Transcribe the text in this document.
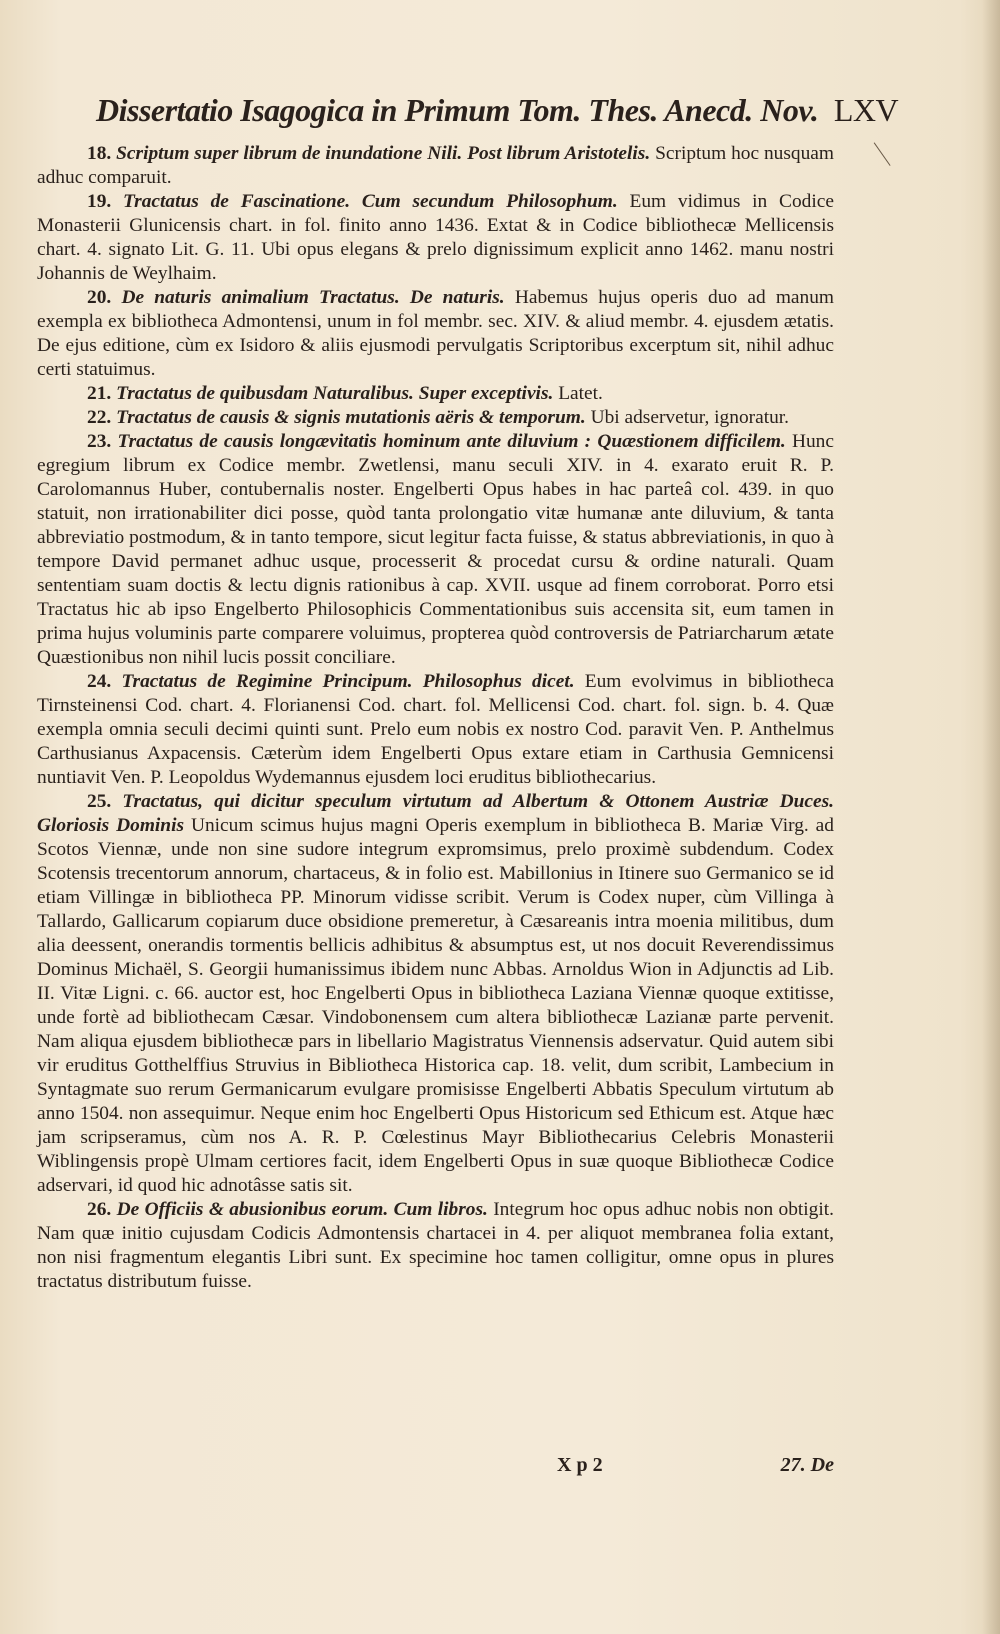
Dissertatio Isagogica in Primum Tom. Thes. Anecd. Nov. LXV

18. Scriptum super librum de inundatione Nili. Post librum Aristotelis. Scriptum hoc nusquam adhuc comparuit.

19. Tractatus de Fascinatione. Cum secundum Philosophum. Eum vidimus in Codice Monasterii Glunicensis chart. in fol. finito anno 1436. Extat & in Codice bibliothecæ Mellicensis chart. 4. signato Lit. G. 11. Ubi opus elegans & prelo dignissimum explicit anno 1462. manu nostri Johannis de Weylhaim.

20. De naturis animalium Tractatus. De naturis. Habemus hujus operis duo ad manum exempla ex bibliotheca Admontensi, unum in fol membr. sec. XIV. & aliud membr. 4. ejusdem ætatis. De ejus editione, cùm ex Isidoro & aliis ejusmodi pervulgatis Scriptoribus excerptum sit, nihil adhuc certi statuimus.

21. Tractatus de quibusdam Naturalibus. Super exceptivis. Latet.

22. Tractatus de causis & signis mutationis aëris & temporum. Ubi adservetur, ignoratur.

23. Tractatus de causis longævitatis hominum ante diluvium : Quæstionem difficilem. Hunc egregium librum ex Codice membr. Zwetlensi, manu seculi XIV. in 4. exarato eruit R. P. Carolomannus Huber, contubernalis noster. Engelberti Opus habes in hac parteâ col. 439. in quo statuit, non irrationabiliter dici posse, quòd tanta prolongatio vitæ humanæ ante diluvium, & tanta abbreviatio postmodum, & in tanto tempore, sicut legitur facta fuisse, & status abbreviationis, in quo à tempore David permanet adhuc usque, processerit & procedat cursu & ordine naturali. Quam sententiam suam doctis & lectu dignis rationibus à cap. XVII. usque ad finem corroborat. Porro etsi Tractatus hic ab ipso Engelberto Philosophicis Commentationibus suis accensita sit, eum tamen in prima hujus voluminis parte comparere voluimus, propterea quòd controversis de Patriarcharum ætate Quæstionibus non nihil lucis possit conciliare.

24. Tractatus de Regimine Principum. Philosophus dicet. Eum evolvimus in bibliotheca Tirnsteinensi Cod. chart. 4. Florianensi Cod. chart. fol. Mellicensi Cod. chart. fol. sign. b. 4. Quæ exempla omnia seculi decimi quinti sunt. Prelo eum nobis ex nostro Cod. paravit Ven. P. Anthelmus Carthusianus Axpacensis. Cæterùm idem Engelberti Opus extare etiam in Carthusia Gemnicensi nuntiavit Ven. P. Leopoldus Wydemannus ejusdem loci eruditus bibliothecarius.

25. Tractatus, qui dicitur speculum virtutum ad Albertum & Ottonem Austriæ Duces. Gloriosis Dominis Unicum scimus hujus magni Operis exemplum in bibliotheca B. Mariæ Virg. ad Scotos Viennæ, unde non sine sudore integrum expromsimus, prelo proximè subdendum. Codex Scotensis trecentorum annorum, chartaceus, & in folio est. Mabillonius in Itinere suo Germanico se id etiam Villingæ in bibliotheca PP. Minorum vidisse scribit. Verum is Codex nuper, cùm Villinga à Tallardo, Gallicarum copiarum duce obsidione premeretur, à Cæsareanis intra moenia militibus, dum alia deessent, onerandis tormentis bellicis adhibitus & absumptus est, ut nos docuit Reverendissimus Dominus Michaël, S. Georgii humanissimus ibidem nunc Abbas. Arnoldus Wion in Adjunctis ad Lib. II. Vitæ Ligni. c. 66. auctor est, hoc Engelberti Opus in bibliotheca Laziana Viennæ quoque extitisse, unde fortè ad bibliothecam Cæsar. Vindobonensem cum altera bibliothecæ Lazianæ parte pervenit. Nam aliqua ejusdem bibliothecæ pars in libellario Magistratus Viennensis adservatur. Quid autem sibi vir eruditus Gotthelffius Struvius in Bibliotheca Historica cap. 18. velit, dum scribit, Lambecium in Syntagmate suo rerum Germanicarum evulgare promisisse Engelberti Abbatis Speculum virtutum ab anno 1504. non assequimur. Neque enim hoc Engelberti Opus Historicum sed Ethicum est. Atque hæc jam scripseramus, cùm nos A. R. P. Cœlestinus Mayr Bibliothecarius Celebris Monasterii Wiblingensis propè Ulmam certiores facit, idem Engelberti Opus in suæ quoque Bibliothecæ Codice adservari, id quod hic adnotâsse satis sit.

26. De Officiis & abusionibus eorum. Cum libros. Integrum hoc opus adhuc nobis non obtigit. Nam quæ initio cujusdam Codicis Admontensis chartacei in 4. per aliquot membranea folia extant, non nisi fragmentum elegantis Libri sunt. Ex specimine hoc tamen colligitur, omne opus in plures tractatus distributum fuisse.

X p 2	27. De
